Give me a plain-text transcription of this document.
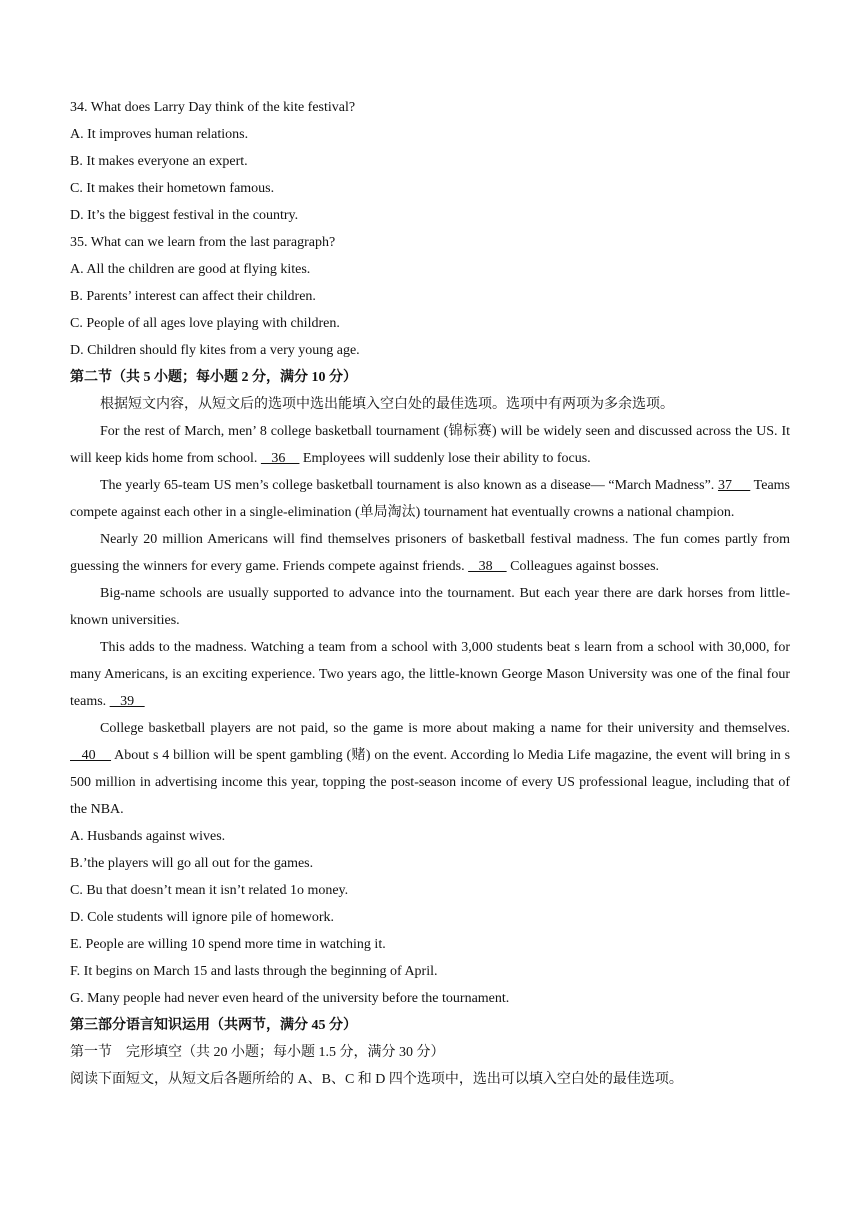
34. What does Larry Day think of the kite festival?

A. It improves human relations.

B. It makes everyone an expert.

C. It makes their hometown famous.

D. It’s the biggest festival in the country.

35. What can we learn from the last paragraph?

A. All the children are good at flying kites.

B. Parents’ interest can affect their children.

C. People of all ages love playing with children.

D. Children should fly kites from a very young age.

第二节（共 5 小题；每小题 2 分，满分 10 分）

根据短文内容，从短文后的选项中选出能填入空白处的最佳选项。选项中有两项为多余选项。

For the rest of March, men’ 8 college basketball tournament (锦标赛) will be widely seen and discussed across the US. It will keep kids home from school.    36     Employees will suddenly lose their ability to focus.

The yearly 65-team US men’s college basketball tournament is also known as a disease— “March Madness”. 37      Teams compete against each other in a single-elimination (单局淘汰) tournament hat eventually crowns a national champion.

Nearly 20 million Americans will find themselves prisoners of basketball festival madness. The fun comes partly from guessing the winners for every game. Friends compete against friends.    38     Colleagues against bosses.

Big-name schools are usually supported to advance into the tournament. But each year there are dark horses from little-known universities.

This adds to the madness. Watching a team from a school with 3,000 students beat s learn from a school with 30,000, for many Americans, is an exciting experience. Two years ago, the little-known George Mason University was one of the final four teams.    39

College basketball players are not paid, so the game is more about making a name for their university and themselves.    40     About s 4 billion will be spent gambling (赌) on the event. According lo Media Life magazine, the event will bring in s 500 million in advertising income this year, topping the post-season income of every US professional league, including that of the NBA.

A. Husbands against wives.

B.’the players will go all out for the games.

C. Bu that doesn’t mean it isn’t related 1o money.

D. Cole students will ignore pile of homework.

E. People are willing 10 spend more time in watching it.

F. It begins on March 15 and lasts through the beginning of April.

G. Many people had never even heard of the university before the tournament.

第三部分语言知识运用（共两节，满分 45 分）

第一节　完形填空（共 20 小题；每小题 1.5 分，满分 30 分）

阅读下面短文，从短文后各题所给的 A、B、C 和 D 四个选项中，选出可以填入空白处的最佳选项。
